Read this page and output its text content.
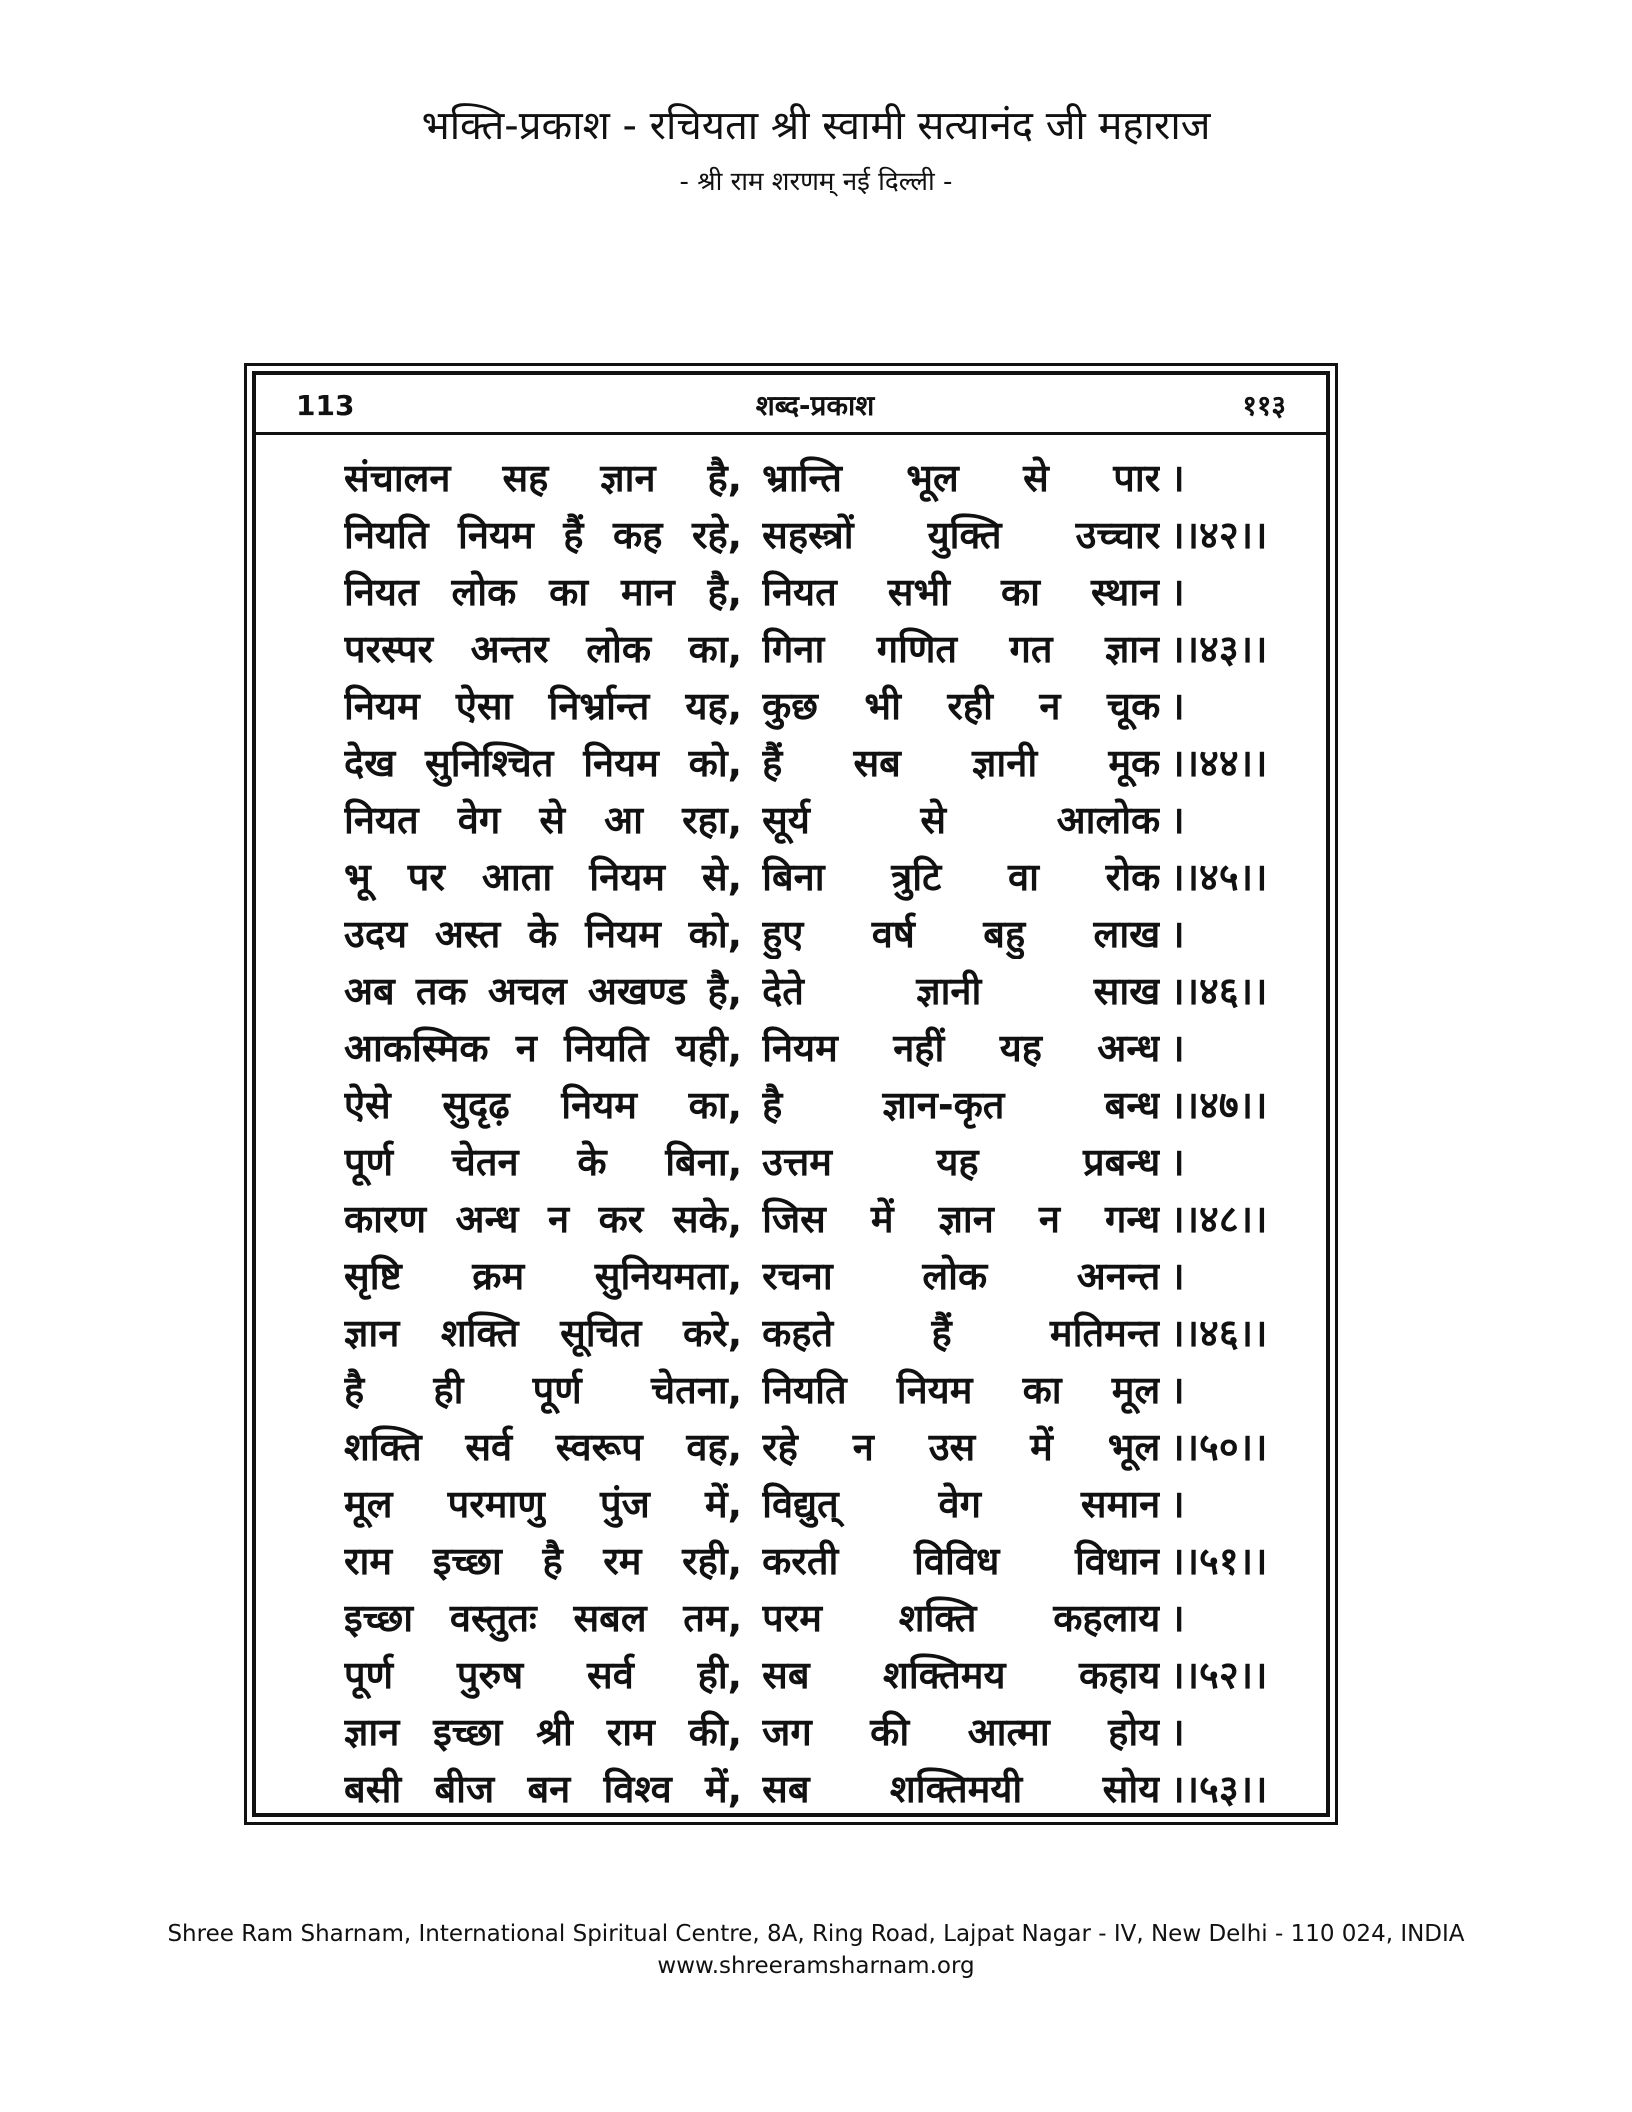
भक्ति-प्रकाश - रचियता श्री स्वामी सत्यानंद जी महाराज
- श्री राम शरणम् नई दिल्ली -
113	शब्द-प्रकाश	११३
संचालन सह ज्ञान है, भ्रान्ति भूल से पार ।
नियति नियम हैं कह रहे, सहस्त्रों युक्ति उच्चार ।।४२।।
नियत लोक का मान है, नियत सभी का स्थान ।
परस्पर अन्तर लोक का, गिना गणित गत ज्ञान ।।४३।।
नियम ऐसा निर्भ्रान्त यह, कुछ भी रही न चूक ।
देख सुनिश्चित नियम को, हैं सब ज्ञानी मूक ।।४४।।
नियत वेग से आ रहा, सूर्य से आलोक ।
भू पर आता नियम से, बिना त्रुटि वा रोक ।।४५।।
उदय अस्त के नियम को, हुए वर्ष बहु लाख ।
अब तक अचल अखण्ड है, देते ज्ञानी साख ।।४६।।
आकस्मिक न नियति यही, नियम नहीं यह अन्ध ।
ऐसे सुदृढ़ नियम का, है ज्ञान-कृत बन्ध ।।४७।।
पूर्ण चेतन के बिना, उत्तम यह प्रबन्ध ।
कारण अन्ध न कर सके, जिस में ज्ञान न गन्ध ।।४८।।
सृष्टि क्रम सुनियमता, रचना लोक अनन्त ।
ज्ञान शक्ति सूचित करे, कहते हैं मतिमन्त ।।४६।।
है ही पूर्ण चेतना, नियति नियम का मूल ।
शक्ति सर्व स्वरूप वह, रहे न उस में भूल ।।५०।।
मूल परमाणु पुंज में, विद्युत् वेग समान ।
राम इच्छा है रम रही, करती विविध विधान ।।५१।।
इच्छा वस्तुतः सबल तम, परम शक्ति कहलाय ।
पूर्ण पुरुष सर्व ही, सब शक्तिमय कहाय ।।५२।।
ज्ञान इच्छा श्री राम की, जग की आत्मा होय ।
बसी बीज बन विश्व में, सब शक्तिमयी सोय ।।५३।।
Shree Ram Sharnam, International Spiritual Centre, 8A, Ring Road, Lajpat Nagar - IV, New Delhi - 110 024, INDIA
www.shreeramsharnam.org
